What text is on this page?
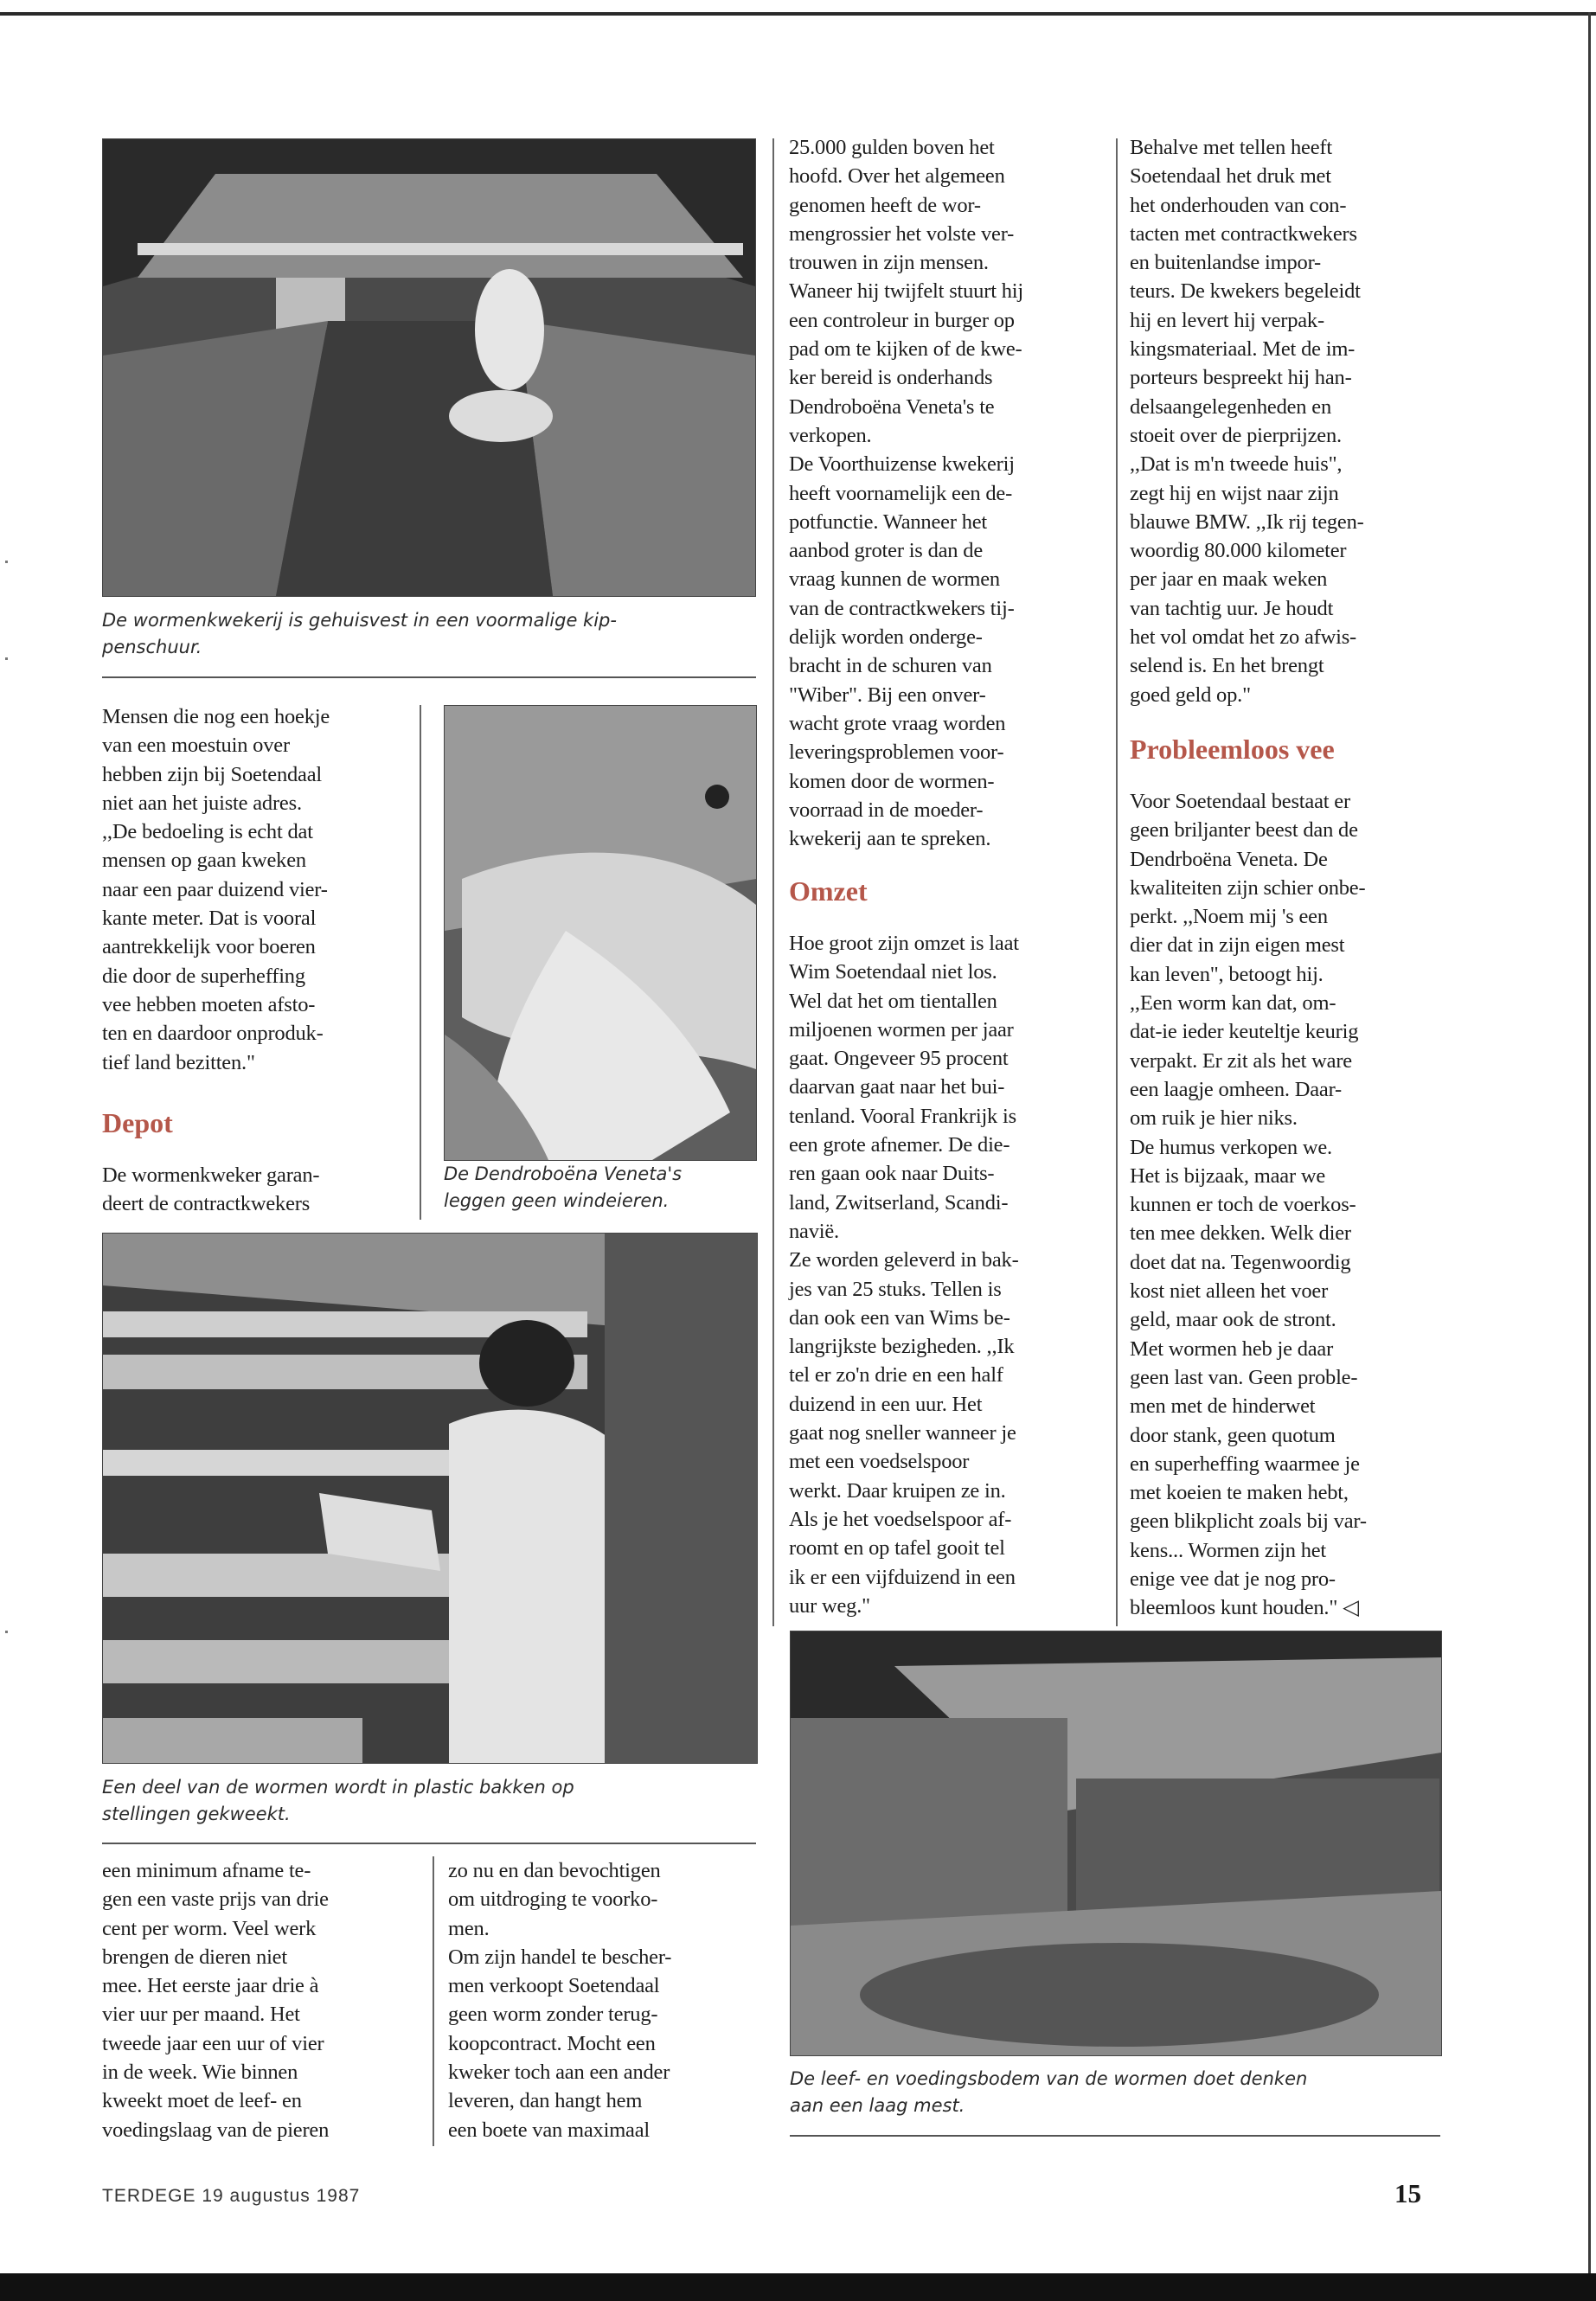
De wormenkwekerij is gehuisvest in een voormalige kip-
penschuur.
Mensen die nog een hoekje
van een moestuin over
hebben zijn bij Soetendaal
niet aan het juiste adres.
,,De bedoeling is echt dat
mensen op gaan kweken
naar een paar duizend vier-
kante meter. Dat is vooral
aantrekkelijk voor boeren
die door de superheffing
vee hebben moeten afsto-
ten en daardoor onproduk-
tief land bezitten."
Depot
De wormenkweker garan-
deert de contractkwekers
De Dendroboëna Veneta's
leggen geen windeieren.
Een deel van de wormen wordt in plastic bakken op
stellingen gekweekt.
een minimum afname te-
gen een vaste prijs van drie
cent per worm. Veel werk
brengen de dieren niet
mee. Het eerste jaar drie à
vier uur per maand. Het
tweede jaar een uur of vier
in de week. Wie binnen
kweekt moet de leef- en
voedingslaag van de pieren
zo nu en dan bevochtigen
om uitdroging te voorko-
men.
Om zijn handel te bescher-
men verkoopt Soetendaal
geen worm zonder terug-
koopcontract. Mocht een
kweker toch aan een ander
leveren, dan hangt hem
een boete van maximaal
25.000 gulden boven het
hoofd. Over het algemeen
genomen heeft de wor-
mengrossier het volste ver-
trouwen in zijn mensen.
Waneer hij twijfelt stuurt hij
een controleur in burger op
pad om te kijken of de kwe-
ker bereid is onderhands
Dendroboëna Veneta's te
verkopen.
De Voorthuizense kwekerij
heeft voornamelijk een de-
potfunctie. Wanneer het
aanbod groter is dan de
vraag kunnen de wormen
van de contractkwekers tij-
delijk worden onderge-
bracht in de schuren van
"Wiber". Bij een onver-
wacht grote vraag worden
leveringsproblemen voor-
komen door de wormen-
voorraad in de moeder-
kwekerij aan te spreken.
Omzet
Hoe groot zijn omzet is laat
Wim Soetendaal niet los.
Wel dat het om tientallen
miljoenen wormen per jaar
gaat. Ongeveer 95 procent
daarvan gaat naar het bui-
tenland. Vooral Frankrijk is
een grote afnemer. De die-
ren gaan ook naar Duits-
land, Zwitserland, Scandi-
navië.
Ze worden geleverd in bak-
jes van 25 stuks. Tellen is
dan ook een van Wims be-
langrijkste bezigheden. ,,Ik
tel er zo'n drie en een half
duizend in een uur. Het
gaat nog sneller wanneer je
met een voedselspoor
werkt. Daar kruipen ze in.
Als je het voedselspoor af-
roomt en op tafel gooit tel
ik er een vijfduizend in een
uur weg."
Behalve met tellen heeft
Soetendaal het druk met
het onderhouden van con-
tacten met contractkwekers
en buitenlandse impor-
teurs. De kwekers begeleidt
hij en levert hij verpak-
kingsmateriaal. Met de im-
porteurs bespreekt hij han-
delsaangelegenheden en
stoeit over de pierprijzen.
,,Dat is m'n tweede huis",
zegt hij en wijst naar zijn
blauwe BMW. ,,Ik rij tegen-
woordig 80.000 kilometer
per jaar en maak weken
van tachtig uur. Je houdt
het vol omdat het zo afwis-
selend is. En het brengt
goed geld op."
Probleemloos vee
Voor Soetendaal bestaat er
geen briljanter beest dan de
Dendrboëna Veneta. De
kwaliteiten zijn schier onbe-
perkt. ,,Noem mij 's een
dier dat in zijn eigen mest
kan leven", betoogt hij.
,,Een worm kan dat, om-
dat-ie ieder keuteltje keurig
verpakt. Er zit als het ware
een laagje omheen. Daar-
om ruik je hier niks.
De humus verkopen we.
Het is bijzaak, maar we
kunnen er toch de voerkos-
ten mee dekken. Welk dier
doet dat na. Tegenwoordig
kost niet alleen het voer
geld, maar ook de stront.
Met wormen heb je daar
geen last van. Geen proble-
men met de hinderwet
door stank, geen quotum
en superheffing waarmee je
met koeien te maken hebt,
geen blikplicht zoals bij var-
kens... Wormen zijn het
enige vee dat je nog pro-
bleemloos kunt houden." ◁
De leef- en voedingsbodem van de wormen doet denken
aan een laag mest.
TERDEGE 19 augustus 1987	15
